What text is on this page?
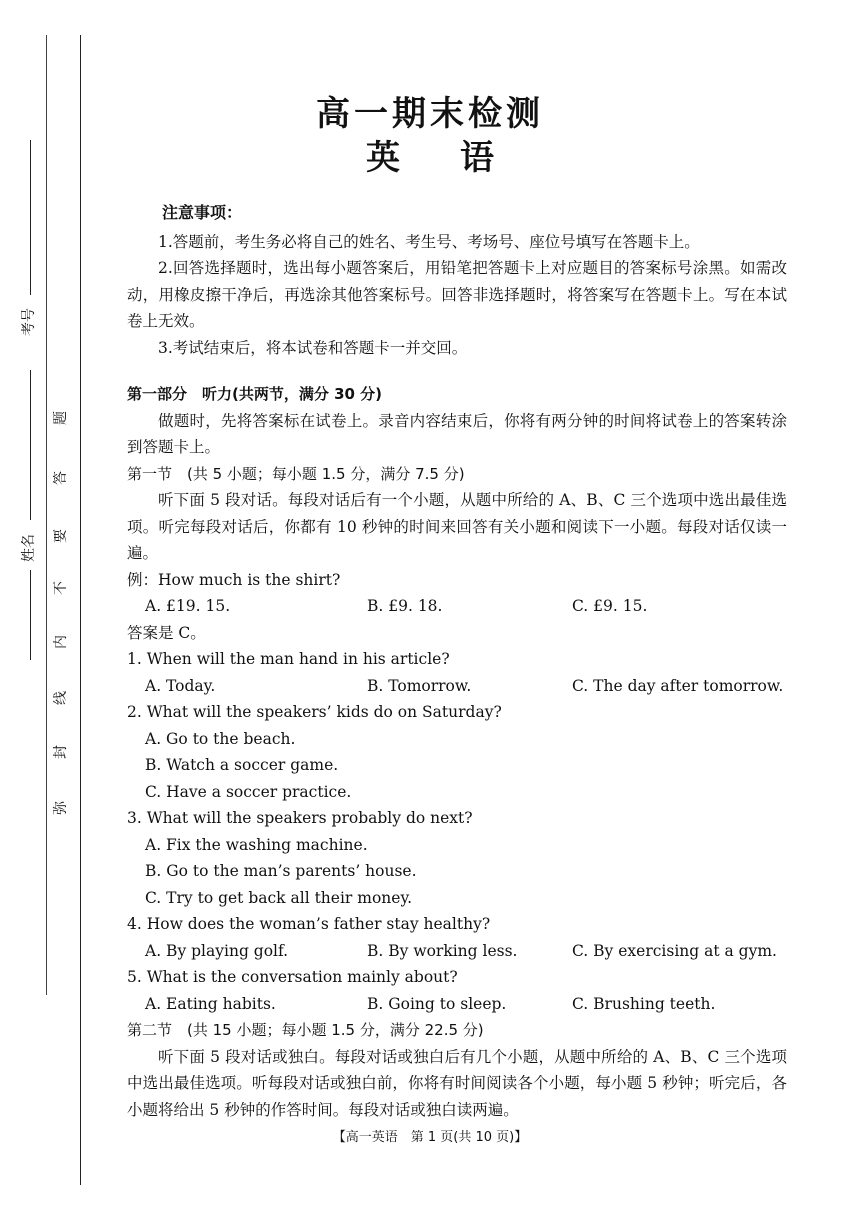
考号
姓名
题
答
要
不
内
线
封
弥
高一期末检测
英 语
注意事项：
1.答题前，考生务必将自己的姓名、考生号、考场号、座位号填写在答题卡上。
2.回答选择题时，选出每小题答案后，用铅笔把答题卡上对应题目的答案标号涂黑。如需改动，用橡皮擦干净后，再选涂其他答案标号。回答非选择题时，将答案写在答题卡上。写在本试卷上无效。
3.考试结束后，将本试卷和答题卡一并交回。
第一部分　听力(共两节，满分 30 分)
做题时，先将答案标在试卷上。录音内容结束后，你将有两分钟的时间将试卷上的答案转涂到答题卡上。
第一节　(共 5 小题；每小题 1.5 分，满分 7.5 分)
听下面 5 段对话。每段对话后有一个小题，从题中所给的 A、B、C 三个选项中选出最佳选项。听完每段对话后，你都有 10 秒钟的时间来回答有关小题和阅读下一小题。每段对话仅读一遍。
例：How much is the shirt?
A. £19. 15.	B. £9. 18.	C. £9. 15.
答案是 C。
1. When will the man hand in his article?
A. Today.	B. Tomorrow.	C. The day after tomorrow.
2. What will the speakers’ kids do on Saturday?
A. Go to the beach.
B. Watch a soccer game.
C. Have a soccer practice.
3. What will the speakers probably do next?
A. Fix the washing machine.
B. Go to the man’s parents’ house.
C. Try to get back all their money.
4. How does the woman’s father stay healthy?
A. By playing golf.	B. By working less.	C. By exercising at a gym.
5. What is the conversation mainly about?
A. Eating habits.	B. Going to sleep.	C. Brushing teeth.
第二节　(共 15 小题；每小题 1.5 分，满分 22.5 分)
听下面 5 段对话或独白。每段对话或独白后有几个小题，从题中所给的 A、B、C 三个选项中选出最佳选项。听每段对话或独白前，你将有时间阅读各个小题，每小题 5 秒钟；听完后，各小题将给出 5 秒钟的作答时间。每段对话或独白读两遍。
【高一英语　第 1 页(共 10 页)】
